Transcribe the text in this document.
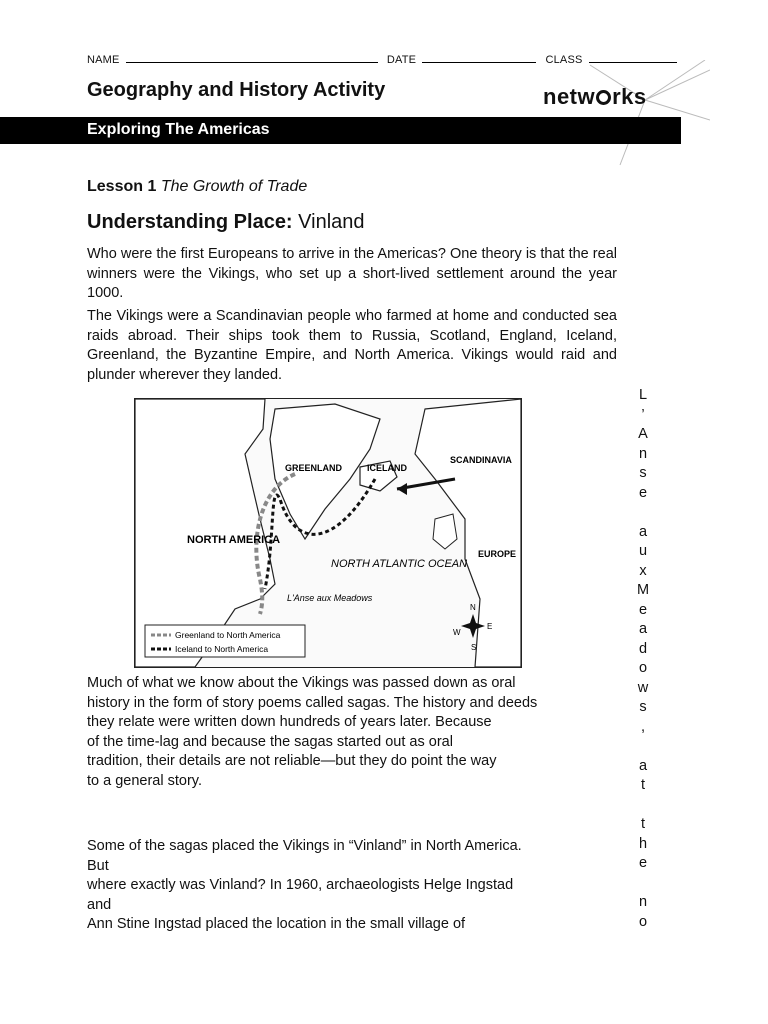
NAME	DATE	CLASS
Geography and History Activity	netw rks
Exploring The Americas
Lesson 1 The Growth of Trade
Understanding Place: Vinland
Who were the first Europeans to arrive in the Americas? One theory is that the real winners were the Vikings, who set up a short-lived settlement around the year 1000.
The Vikings were a Scandinavian people who farmed at home and conducted sea raids abroad. Their ships took them to Russia, Scotland, England, Iceland, Greenland, the Byzantine Empire, and North America. Vikings would raid and plunder wherever they landed.
GREENLAND	ICELAND
SCANDINAVIA
NORTH AMERICA
EUROPE
NORTH ATLANTIC OCEAN
L'Anse aux Meadows
N
S
E
W
Greenland to North America
Iceland to North America
Much of what we know about the Vikings was passed down as oral
history in the form of story poems called sagas. The history and deeds
they relate were written down hundreds of years later. Because
of the time-lag and because the sagas started out as oral
tradition, their details are not reliable—but they do point the way
to a general story.
Some of the sagas placed the Vikings in “Vinland” in North America. But
where exactly was Vinland? In 1960, archaeologists Helge Ingstad and
Ann Stine Ingstad placed the location in the small village of
L
’
A
n
s
e
a
u
x
M
e
a
d
o
w
s
,
a
t
t
h
e
n
o
